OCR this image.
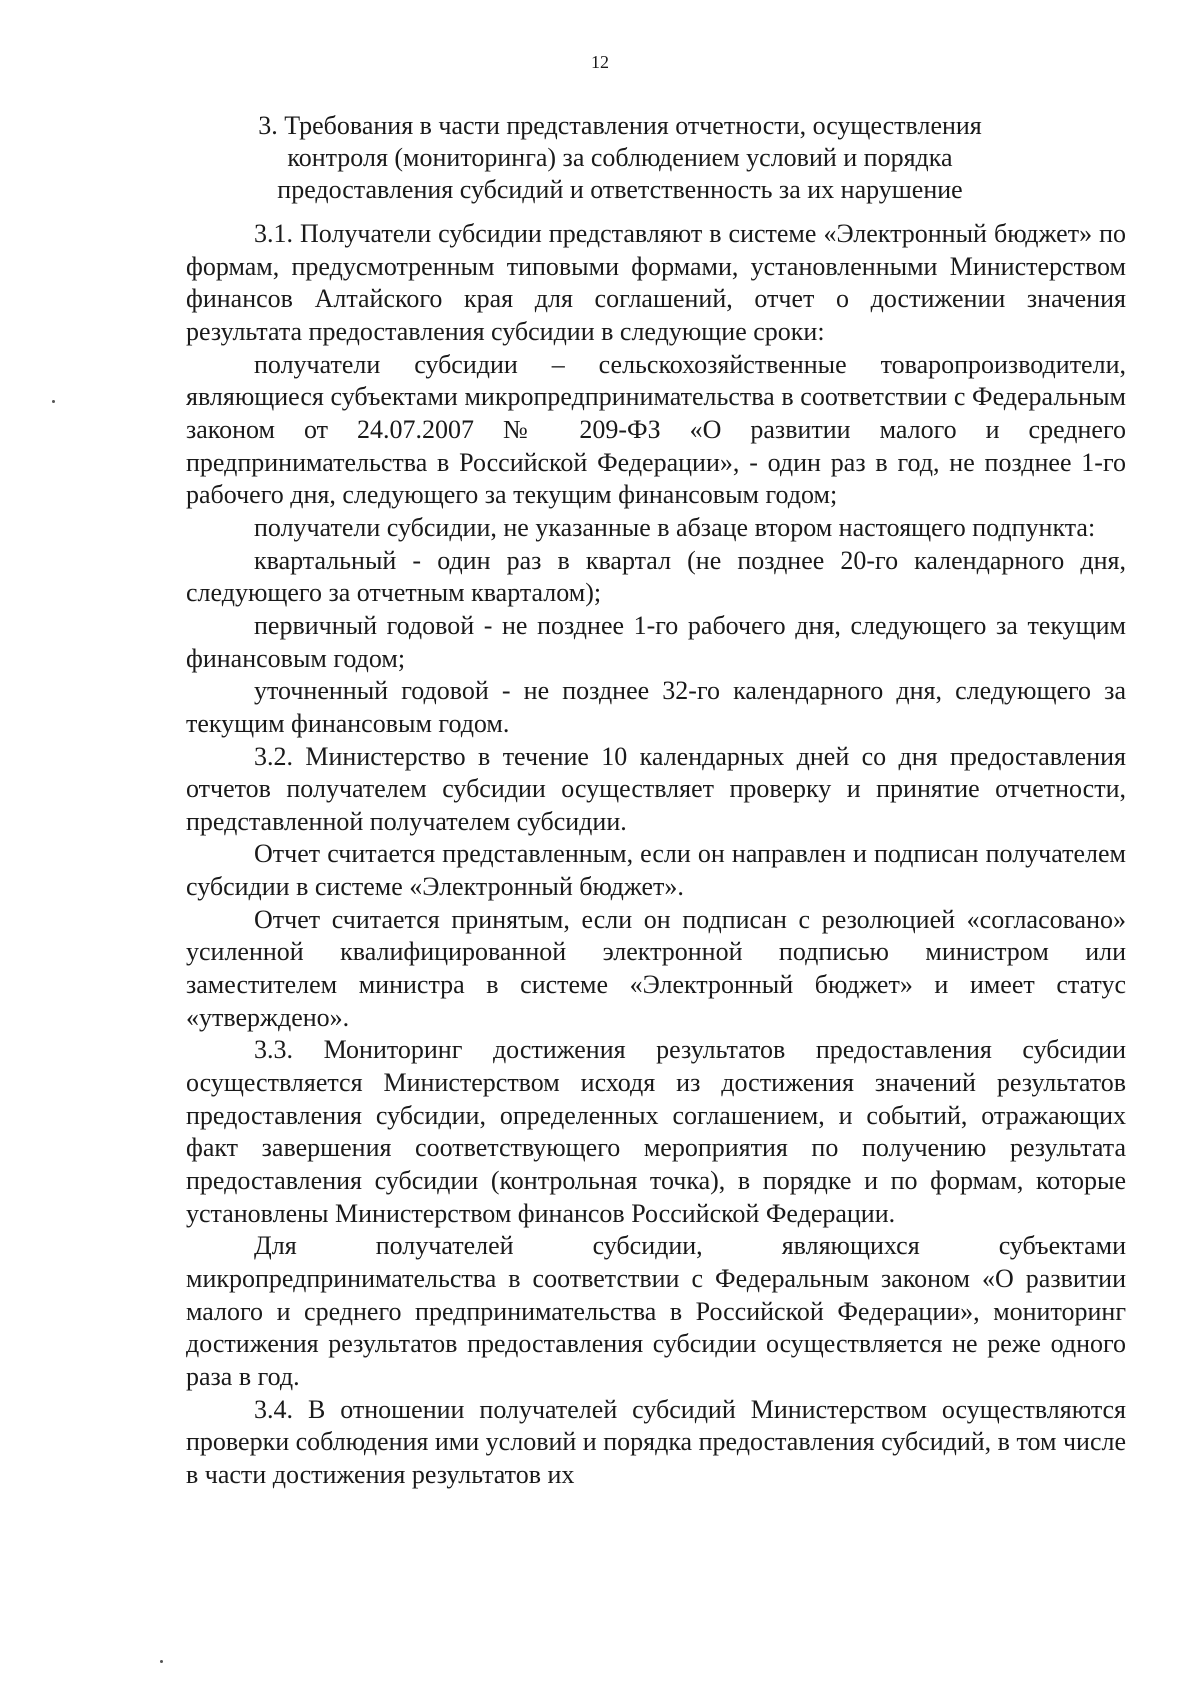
12
3. Требования в части представления отчетности, осуществления
контроля (мониторинга) за соблюдением условий и порядка
предоставления субсидий и ответственность за их нарушение

3.1. Получатели субсидии представляют в системе «Электронный бюджет» по формам, предусмотренным типовыми формами, установленными Министерством финансов Алтайского края для соглашений, отчет о достижении значения результата предоставления субсидии в следующие сроки:

получатели субсидии – сельскохозяйственные товаропроизводители, являющиеся субъектами микропредпринимательства в соответствии с Федеральным законом от 24.07.2007 № 209-ФЗ «О развитии малого и среднего предпринимательства в Российской Федерации», - один раз в год, не позднее 1-го рабочего дня, следующего за текущим финансовым годом;

получатели субсидии, не указанные в абзаце втором настоящего подпункта:

квартальный - один раз в квартал (не позднее 20-го календарного дня, следующего за отчетным кварталом);

первичный годовой - не позднее 1-го рабочего дня, следующего за текущим финансовым годом;

уточненный годовой - не позднее 32-го календарного дня, следующего за текущим финансовым годом.

3.2. Министерство в течение 10 календарных дней со дня предоставления отчетов получателем субсидии осуществляет проверку и принятие отчетности, представленной получателем субсидии.

Отчет считается представленным, если он направлен и подписан получателем субсидии в системе «Электронный бюджет».

Отчет считается принятым, если он подписан с резолюцией «согласовано» усиленной квалифицированной электронной подписью министром или заместителем министра в системе «Электронный бюджет» и имеет статус «утверждено».

3.3. Мониторинг достижения результатов предоставления субсидии осуществляется Министерством исходя из достижения значений результатов предоставления субсидии, определенных соглашением, и событий, отражающих факт завершения соответствующего мероприятия по получению результата предоставления субсидии (контрольная точка), в порядке и по формам, которые установлены Министерством финансов Российской Федерации.

Для получателей субсидии, являющихся субъектами микропредпринимательства в соответствии с Федеральным законом «О развитии малого и среднего предпринимательства в Российской Федерации», мониторинг достижения результатов предоставления субсидии осуществляется не реже одного раза в год.

3.4. В отношении получателей субсидий Министерством осуществляются проверки соблюдения ими условий и порядка предоставления субсидий, в том числе в части достижения результатов их
